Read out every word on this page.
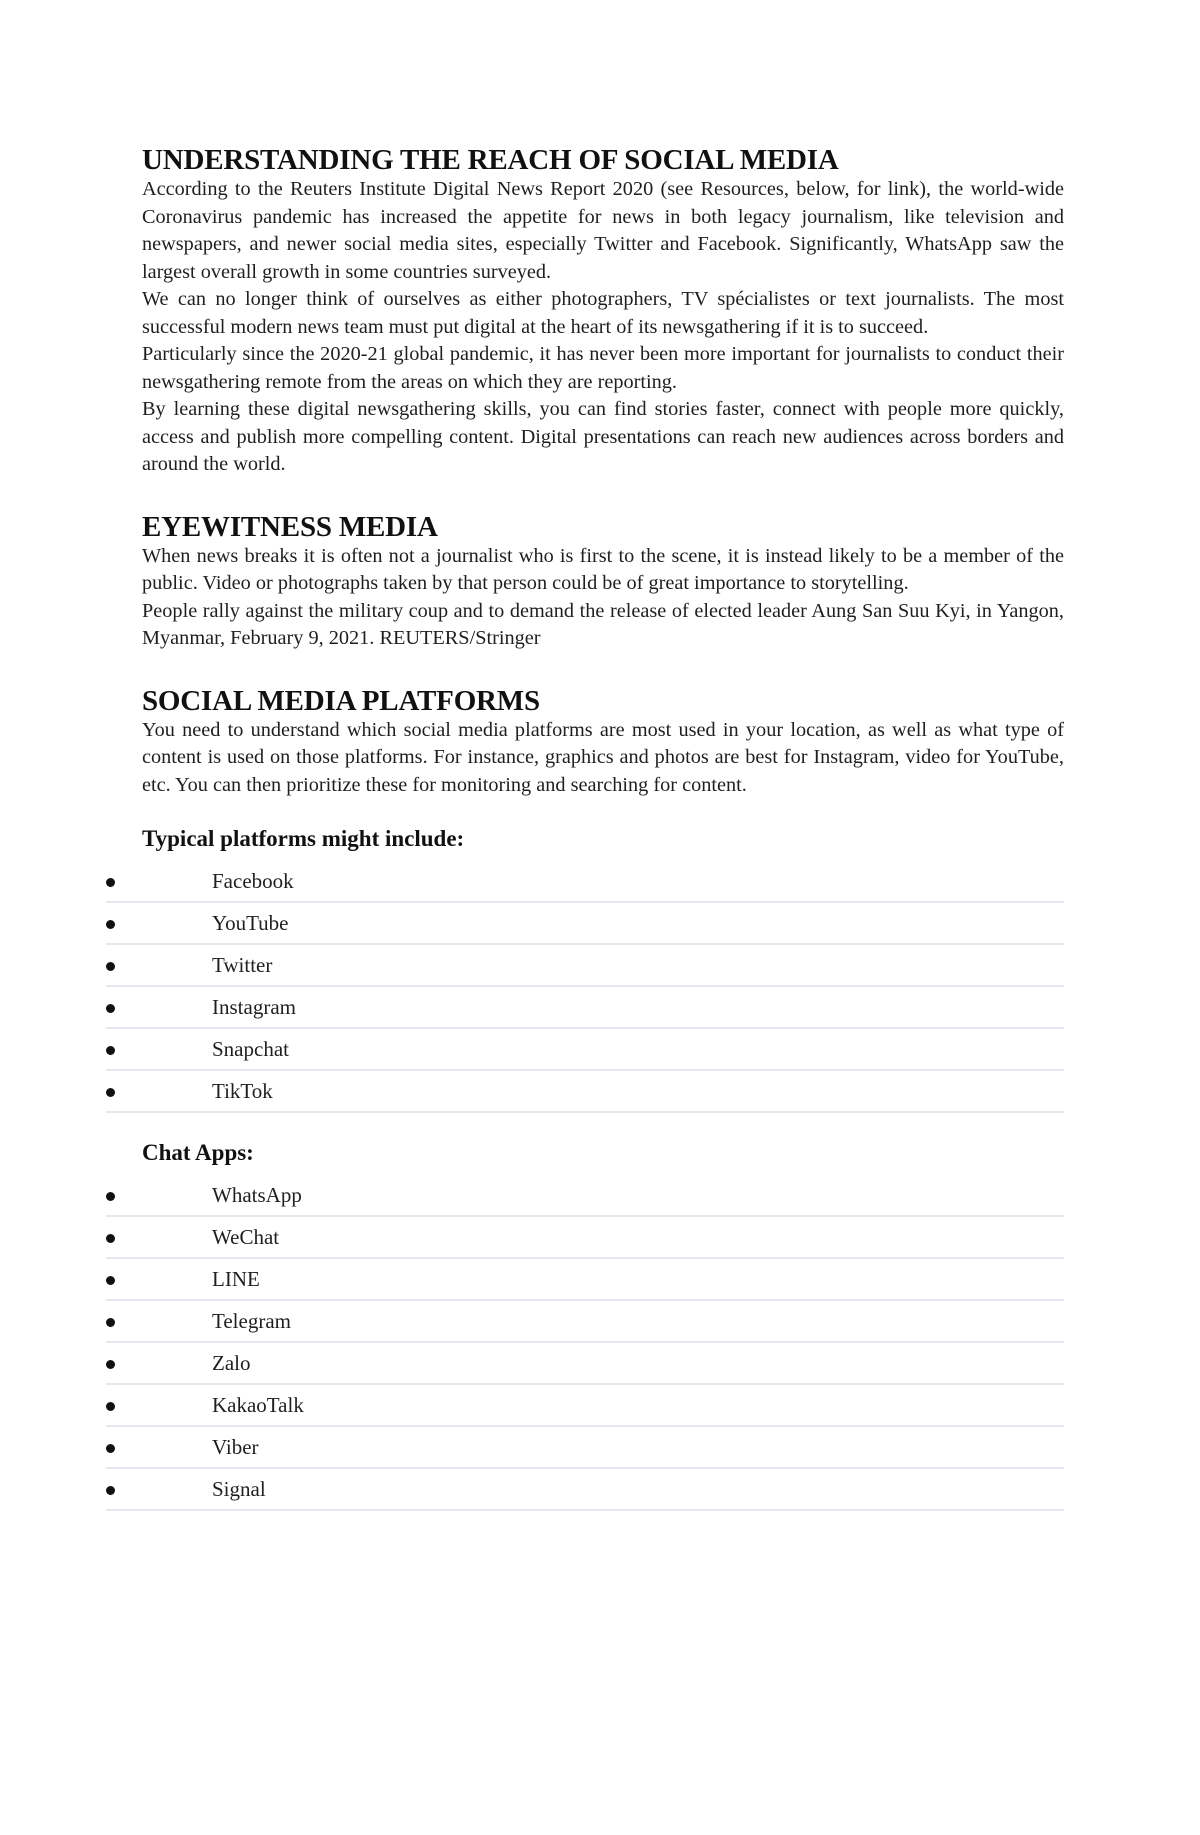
UNDERSTANDING THE REACH OF SOCIAL MEDIA

According to the Reuters Institute Digital News Report 2020 (see Resources, below, for link), the world-wide Coronavirus pandemic has increased the appetite for news in both legacy journalism, like television and newspapers, and newer social media sites, especially Twitter and Facebook. Significantly, WhatsApp saw the largest overall growth in some countries surveyed.

We can no longer think of ourselves as either photographers, TV spécialistes or text journalists. The most successful modern news team must put digital at the heart of its newsgathering if it is to succeed.

Particularly since the 2020-21 global pandemic, it has never been more important for journalists to conduct their newsgathering remote from the areas on which they are reporting.

By learning these digital newsgathering skills, you can find stories faster, connect with people more quickly, access and publish more compelling content. Digital presentations can reach new audiences across borders and around the world.

EYEWITNESS MEDIA

When news breaks it is often not a journalist who is first to the scene, it is instead likely to be a member of the public. Video or photographs taken by that person could be of great importance to storytelling.

People rally against the military coup and to demand the release of elected leader Aung San Suu Kyi, in Yangon, Myanmar, February 9, 2021. REUTERS/Stringer

SOCIAL MEDIA PLATFORMS

You need to understand which social media platforms are most used in your location, as well as what type of content is used on those platforms. For instance, graphics and photos are best for Instagram, video for YouTube, etc. You can then prioritize these for monitoring and searching for content.

Typical platforms might include:
Facebook
YouTube
Twitter
Instagram
Snapchat
TikTok
Chat Apps:
WhatsApp
WeChat
LINE
Telegram
Zalo
KakaoTalk
Viber
Signal
